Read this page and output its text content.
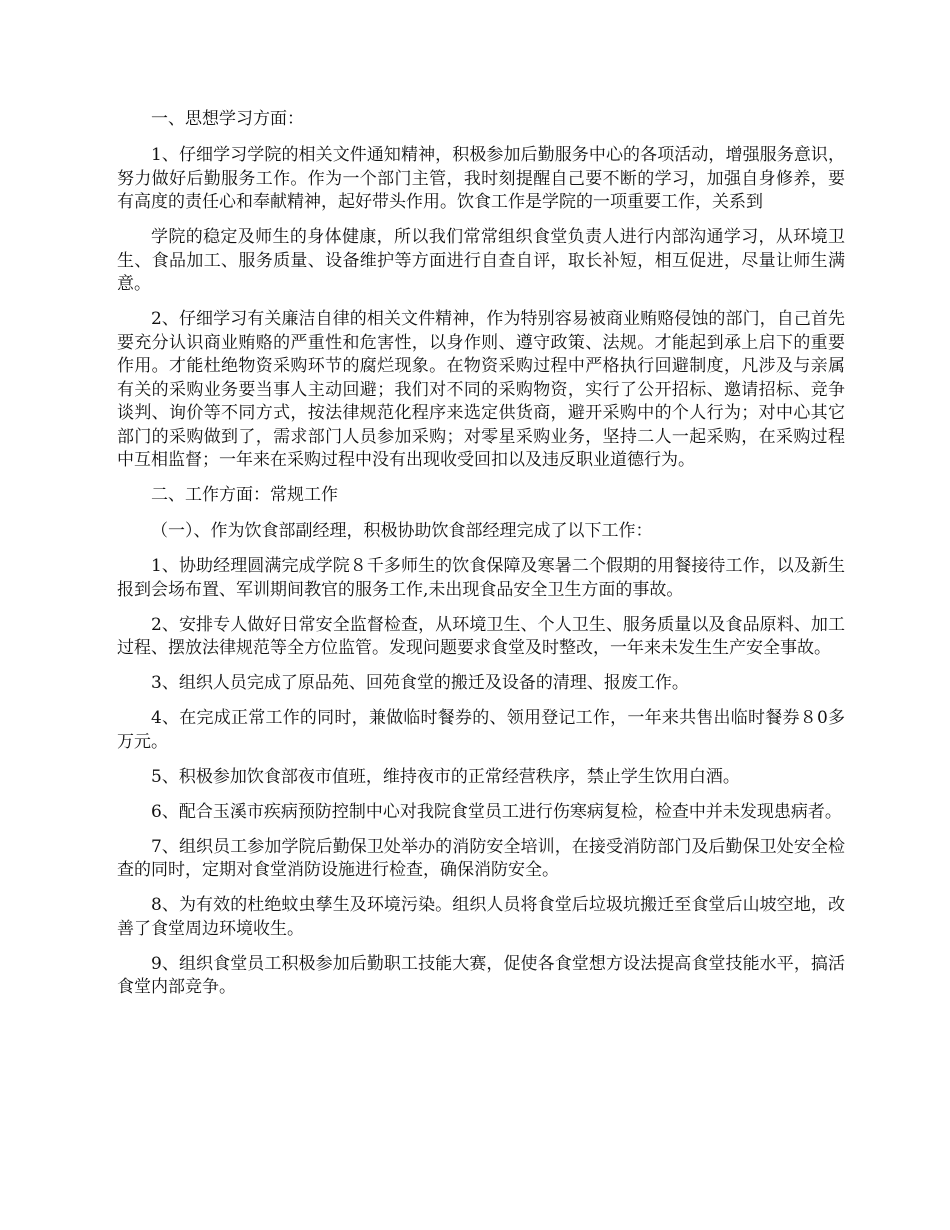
一、思想学习方面：

1、仔细学习学院的相关文件通知精神，积极参加后勤服务中心的各项活动，增强服务意识，努力做好后勤服务工作。作为一个部门主管，我时刻提醒自己要不断的学习，加强自身修养，要有高度的责任心和奉献精神，起好带头作用。饮食工作是学院的一项重要工作，关系到

学院的稳定及师生的身体健康，所以我们常常组织食堂负责人进行内部沟通学习，从环境卫生、食品加工、服务质量、设备维护等方面进行自查自评，取长补短，相互促进，尽量让师生满意。

2、仔细学习有关廉洁自律的相关文件精神，作为特别容易被商业贿赂侵蚀的部门，自己首先要充分认识商业贿赂的严重性和危害性，以身作则、遵守政策、法规。才能起到承上启下的重要作用。才能杜绝物资采购环节的腐烂现象。在物资采购过程中严格执行回避制度，凡涉及与亲属有关的采购业务要当事人主动回避；我们对不同的采购物资，实行了公开招标、邀请招标、竞争谈判、询价等不同方式，按法律规范化程序来选定供货商，避开采购中的个人行为；对中心其它部门的采购做到了，需求部门人员参加采购；对零星采购业务，坚持二人一起采购，在采购过程中互相监督；一年来在采购过程中没有出现收受回扣以及违反职业道德行为。

二、工作方面：常规工作

（一）、作为饮食部副经理，积极协助饮食部经理完成了以下工作：

1、协助经理圆满完成学院８千多师生的饮食保障及寒暑二个假期的用餐接待工作，以及新生报到会场布置、军训期间教官的服务工作,未出现食品安全卫生方面的事故。

2、安排专人做好日常安全监督检查，从环境卫生、个人卫生、服务质量以及食品原料、加工过程、摆放法律规范等全方位监管。发现问题要求食堂及时整改，一年来未发生生产安全事故。

3、组织人员完成了原品苑、回苑食堂的搬迁及设备的清理、报废工作。

4、在完成正常工作的同时，兼做临时餐券的、领用登记工作，一年来共售出临时餐券８0多万元。

5、积极参加饮食部夜市值班，维持夜市的正常经营秩序，禁止学生饮用白酒。

6、配合玉溪市疾病预防控制中心对我院食堂员工进行伤寒病复检，检查中并未发现患病者。

7、组织员工参加学院后勤保卫处举办的消防安全培训，在接受消防部门及后勤保卫处安全检查的同时，定期对食堂消防设施进行检查，确保消防安全。

8、为有效的杜绝蚊虫孳生及环境污染。组织人员将食堂后垃圾坑搬迁至食堂后山坡空地，改善了食堂周边环境收生。

9、组织食堂员工积极参加后勤职工技能大赛，促使各食堂想方设法提高食堂技能水平，搞活食堂内部竞争。
